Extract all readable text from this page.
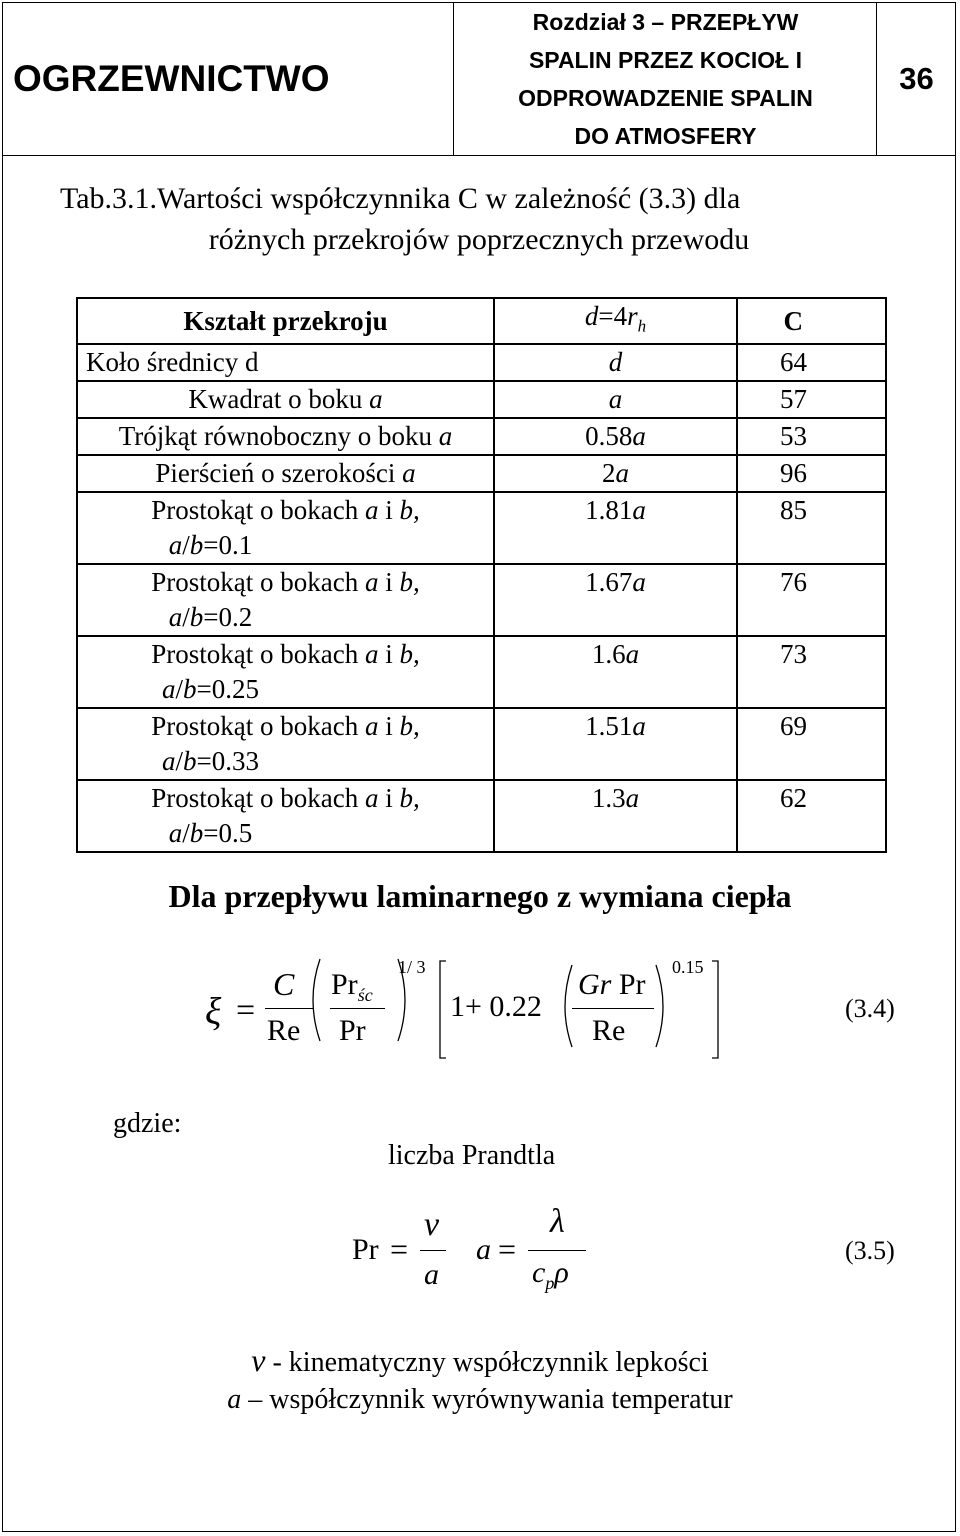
OGRZEWNICTWO
Rozdział 3 – PRZEPŁYW
SPALIN PRZEZ KOCIOŁ I
ODPROWADZENIE SPALIN
DO ATMOSFERY
36
Tab.3.1.Wartości współczynnika C w zależność (3.3) dla
różnych przekrojów poprzecznych przewodu
Kształt przekroju	$d=4r_h$	C
Koło średnicy d	d	64
Kwadrat o boku a	a	57
Trójkąt równoboczny o boku a	0.58a	53
Pierścień o szerokości a	2a	96
Prostokąt o bokach a i b,
a/b=0.1	1.81a	85
Prostokąt o bokach a i b,
a/b=0.2	1.67a	76
Prostokąt o bokach a i b,
a/b=0.25	1.6a	73
Prostokąt o bokach a i b,
a/b=0.33	1.51a	69
Prostokąt o bokach a i b,
a/b=0.5	1.3a	62
Dla przepływu laminarnego z wymiana ciepła
ξ =
C
Re
$Pr_{śc}$
Pr
1/ 3
1+ 0.22
Gr Pr
Re
0.15
(3.4)
gdzie:
liczba Prandtla
Pr =
ν
a
a =
λ
$c_p\rho$
(3.5)
ν - kinematyczny współczynnik lepkości
a – współczynnik wyrównywania temperatur
